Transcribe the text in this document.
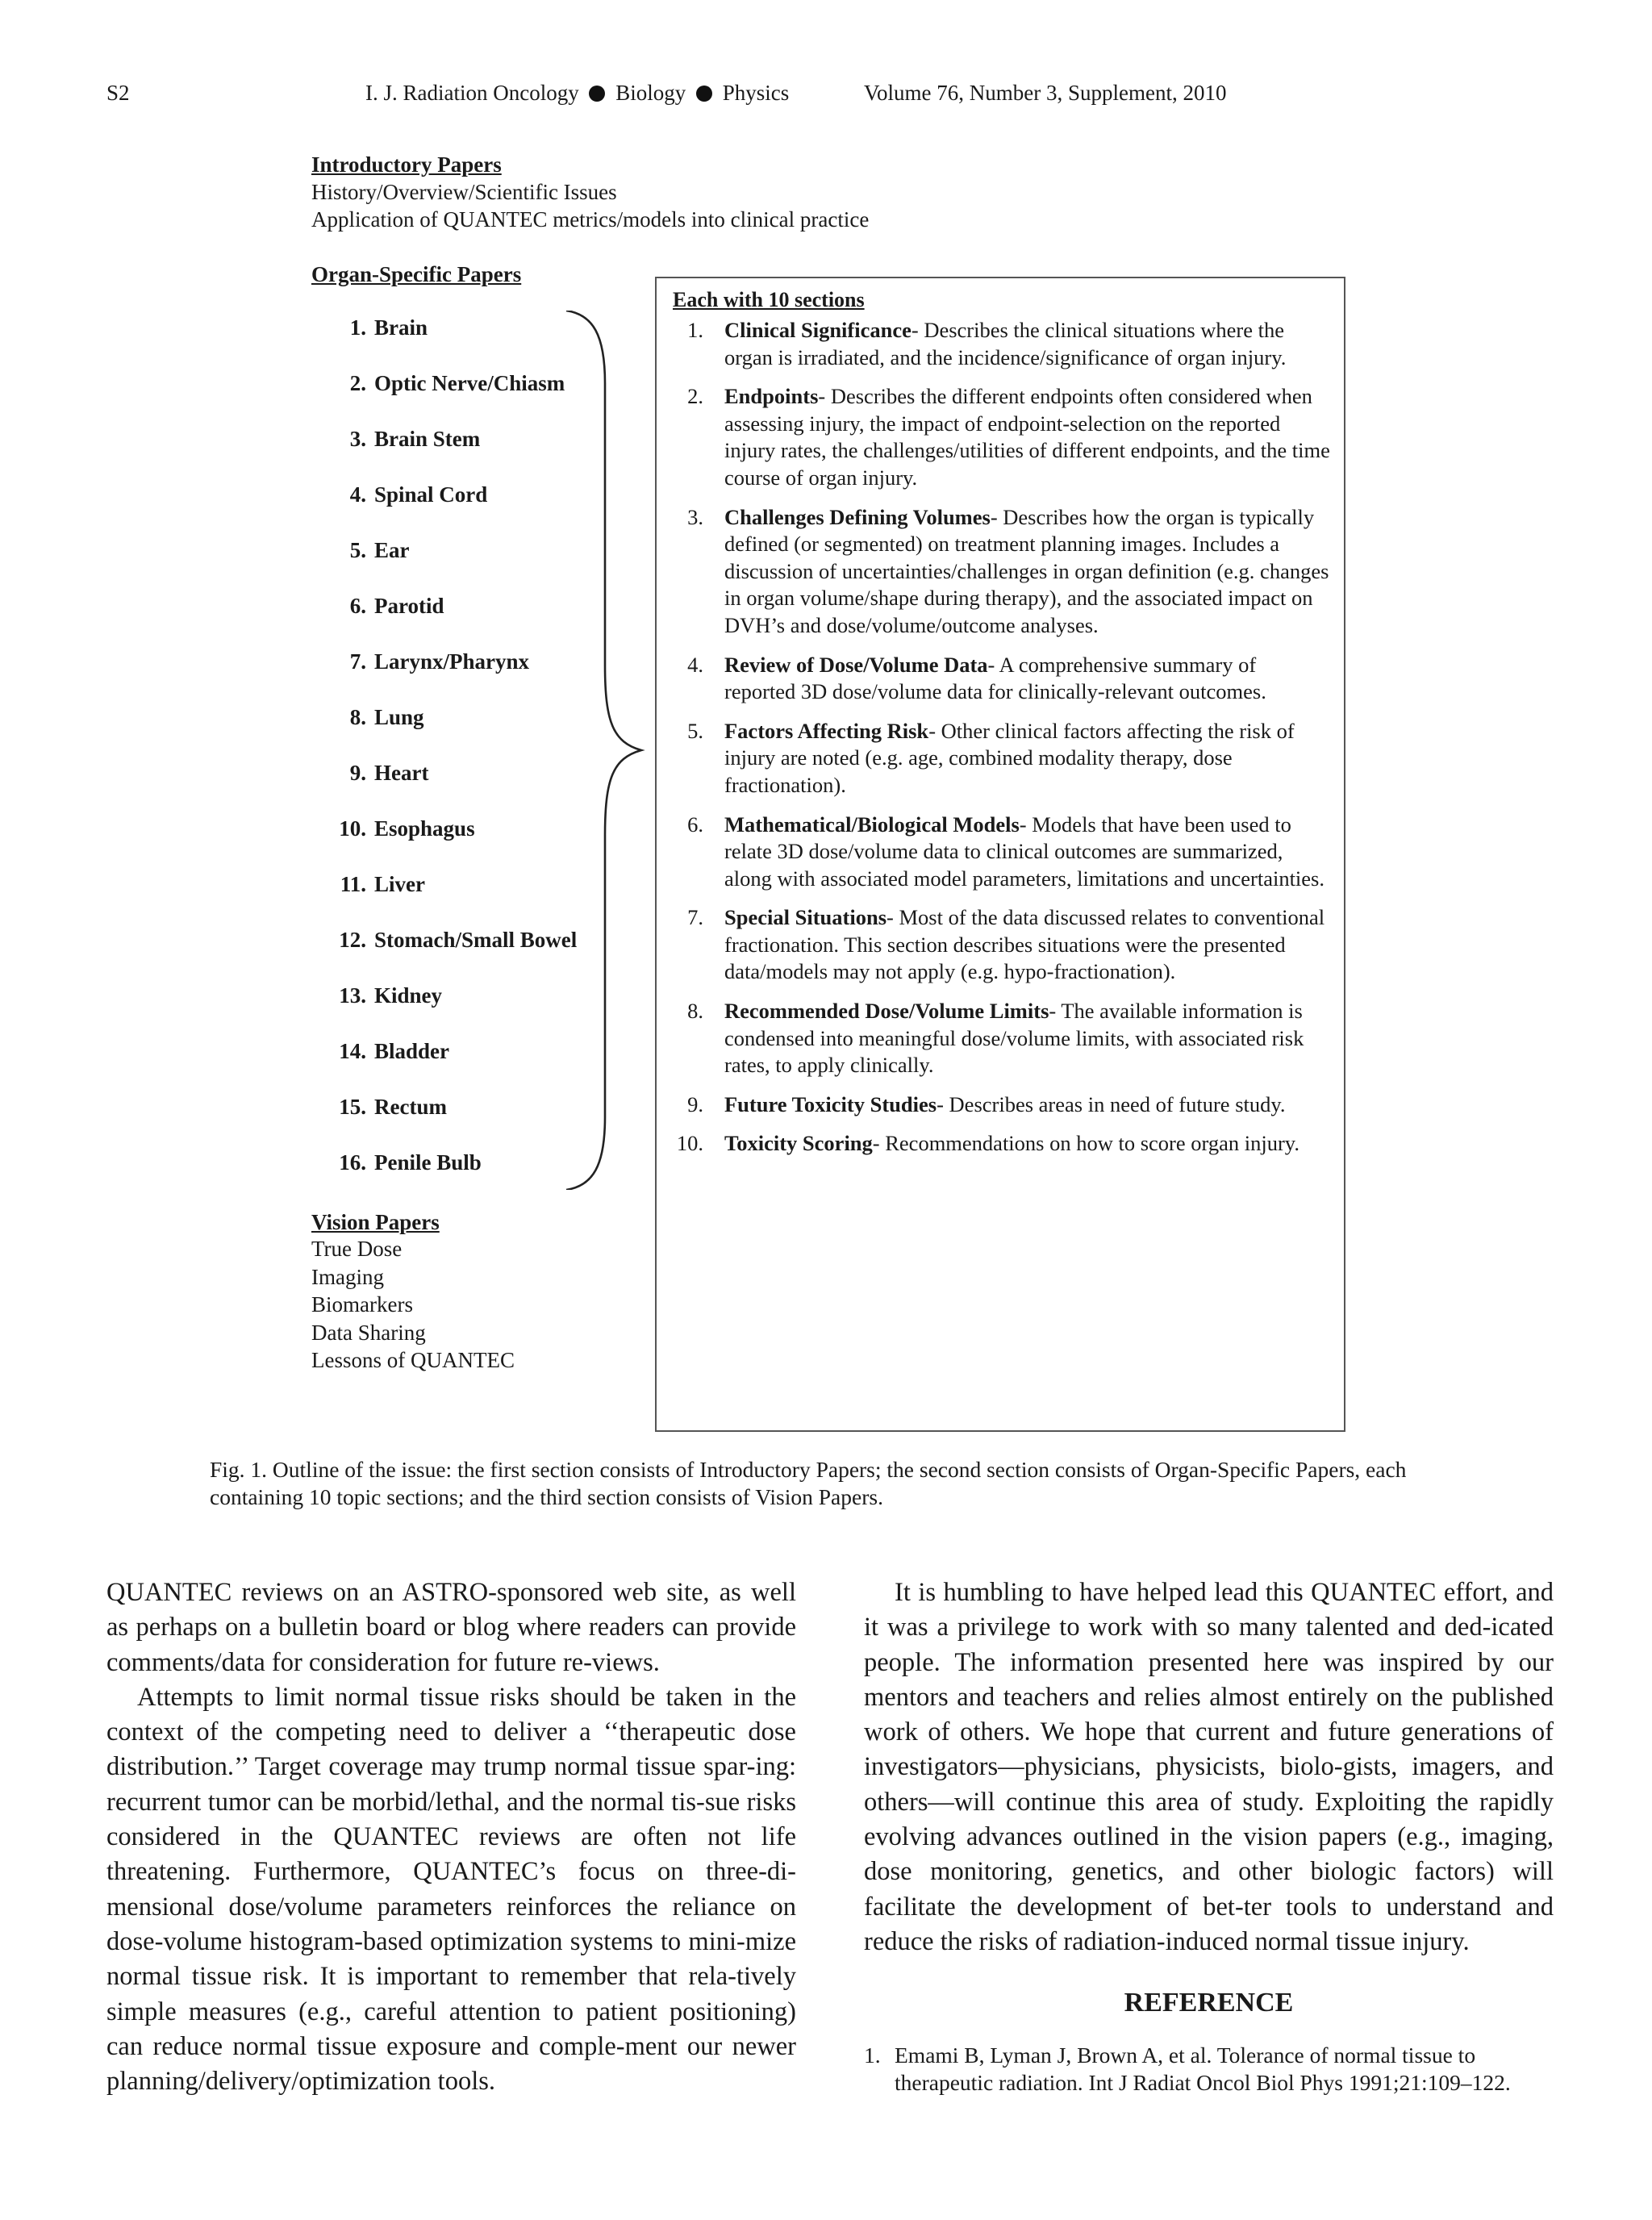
S2	I. J. Radiation Oncology Biology Physics	Volume 76, Number 3, Supplement, 2010
Introductory Papers
History/Overview/Scientific Issues
Application of QUANTEC metrics/models into clinical practice
Organ-Specific Papers
1. Brain
2. Optic Nerve/Chiasm
3. Brain Stem
4. Spinal Cord
5. Ear
6. Parotid
7. Larynx/Pharynx
8. Lung
9. Heart
10. Esophagus
11. Liver
12. Stomach/Small Bowel
13. Kidney
14. Bladder
15. Rectum
16. Penile Bulb
Vision Papers
True Dose
Imaging
Biomarkers
Data Sharing
Lessons of QUANTEC
Each with 10 sections
1. Clinical Significance- Describes the clinical situations where the organ is irradiated, and the incidence/significance of organ injury.
2. Endpoints- Describes the different endpoints often considered when assessing injury, the impact of endpoint-selection on the reported injury rates, the challenges/utilities of different endpoints, and the time course of organ injury.
3. Challenges Defining Volumes- Describes how the organ is typically defined (or segmented) on treatment planning images. Includes a discussion of uncertainties/challenges in organ definition (e.g. changes in organ volume/shape during therapy), and the associated impact on DVH’s and dose/volume/outcome analyses.
4. Review of Dose/Volume Data- A comprehensive summary of reported 3D dose/volume data for clinically-relevant outcomes.
5. Factors Affecting Risk- Other clinical factors affecting the risk of injury are noted (e.g. age, combined modality therapy, dose fractionation).
6. Mathematical/Biological Models- Models that have been used to relate 3D dose/volume data to clinical outcomes are summarized, along with associated model parameters, limitations and uncertainties.
7. Special Situations- Most of the data discussed relates to conventional fractionation. This section describes situations were the presented data/models may not apply (e.g. hypo-fractionation).
8. Recommended Dose/Volume Limits- The available information is condensed into meaningful dose/volume limits, with associated risk rates, to apply clinically.
9. Future Toxicity Studies- Describes areas in need of future study.
10. Toxicity Scoring- Recommendations on how to score organ injury.
Fig. 1. Outline of the issue: the first section consists of Introductory Papers; the second section consists of Organ-Specific Papers, each containing 10 topic sections; and the third section consists of Vision Papers.

QUANTEC reviews on an ASTRO-sponsored web site, as well as perhaps on a bulletin board or blog where readers can provide comments/data for consideration for future re-views.

Attempts to limit normal tissue risks should be taken in the context of the competing need to deliver a ‘‘therapeutic dose distribution.’’ Target coverage may trump normal tissue spar-ing: recurrent tumor can be morbid/lethal, and the normal tis-sue risks considered in the QUANTEC reviews are often not life threatening. Furthermore, QUANTEC’s focus on three-di-mensional dose/volume parameters reinforces the reliance on dose-volume histogram-based optimization systems to mini-mize normal tissue risk. It is important to remember that rela-tively simple measures (e.g., careful attention to patient positioning) can reduce normal tissue exposure and comple-ment our newer planning/delivery/optimization tools.

It is humbling to have helped lead this QUANTEC effort, and it was a privilege to work with so many talented and ded-icated people. The information presented here was inspired by our mentors and teachers and relies almost entirely on the published work of others. We hope that current and future generations of investigators—physicians, physicists, biolo-gists, imagers, and others—will continue this area of study. Exploiting the rapidly evolving advances outlined in the vision papers (e.g., imaging, dose monitoring, genetics, and other biologic factors) will facilitate the development of bet-ter tools to understand and reduce the risks of radiation-induced normal tissue injury.

REFERENCE

1. Emami B, Lyman J, Brown A, et al. Tolerance of normal tissue to therapeutic radiation. Int J Radiat Oncol Biol Phys 1991;21:109–122.
